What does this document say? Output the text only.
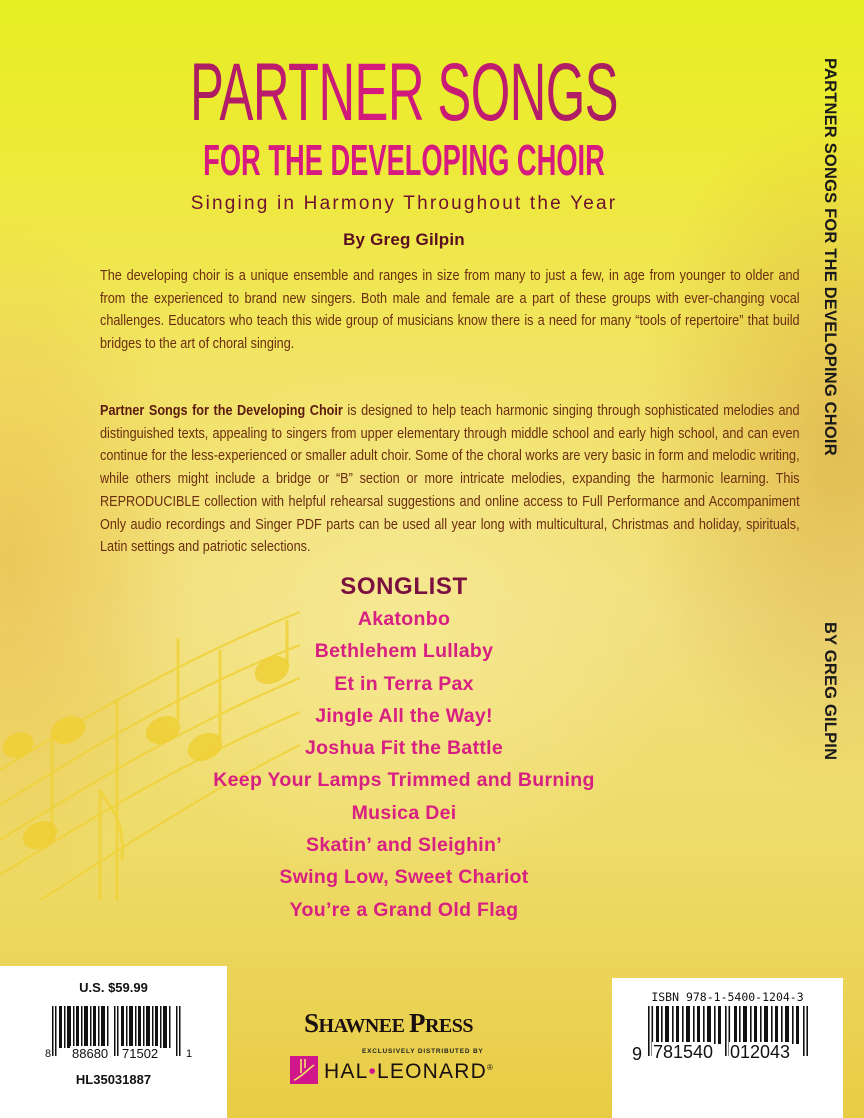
PARTNER SONGS
FOR THE DEVELOPING CHOIR
Singing in Harmony Throughout the Year
By Greg Gilpin

The developing choir is a unique ensemble and ranges in size from many to just a few, in age from younger to older and from the experienced to brand new singers. Both male and female are a part of these groups with ever-changing vocal challenges. Educators who teach this wide group of musicians know there is a need for many “tools of repertoire” that build bridges to the art of choral singing.

Partner Songs for the Developing Choir is designed to help teach harmonic singing through sophisticated melodies and distinguished texts, appealing to singers from upper elementary through middle school and early high school, and can even continue for the less-experienced or smaller adult choir. Some of the choral works are very basic in form and melodic writing, while others might include a bridge or “B” section or more intricate melodies, expanding the harmonic learning. This REPRODUCIBLE collection with helpful rehearsal suggestions and online access to Full Performance and Accompaniment Only audio recordings and Singer PDF parts can be used all year long with multicultural, Christmas and holiday, spirituals, Latin settings and patriotic selections.

SONGLIST
Akatonbo
Bethlehem Lullaby
Et in Terra Pax
Jingle All the Way!
Joshua Fit the Battle
Keep Your Lamps Trimmed and Burning
Musica Dei
Skatin’ and Sleighin’
Swing Low, Sweet Chariot
You’re a Grand Old Flag
U.S. $59.99
8 88680 71502	1
HL35031887
SHAWNEE PRESS
EXCLUSIVELY DISTRIBUTED BY
HAL•LEONARD®
ISBN 978-1-5400-1204-3
9 781540 012043
PARTNER SONGS FOR THE DEVELOPING CHOIR
BY GREG GILPIN
